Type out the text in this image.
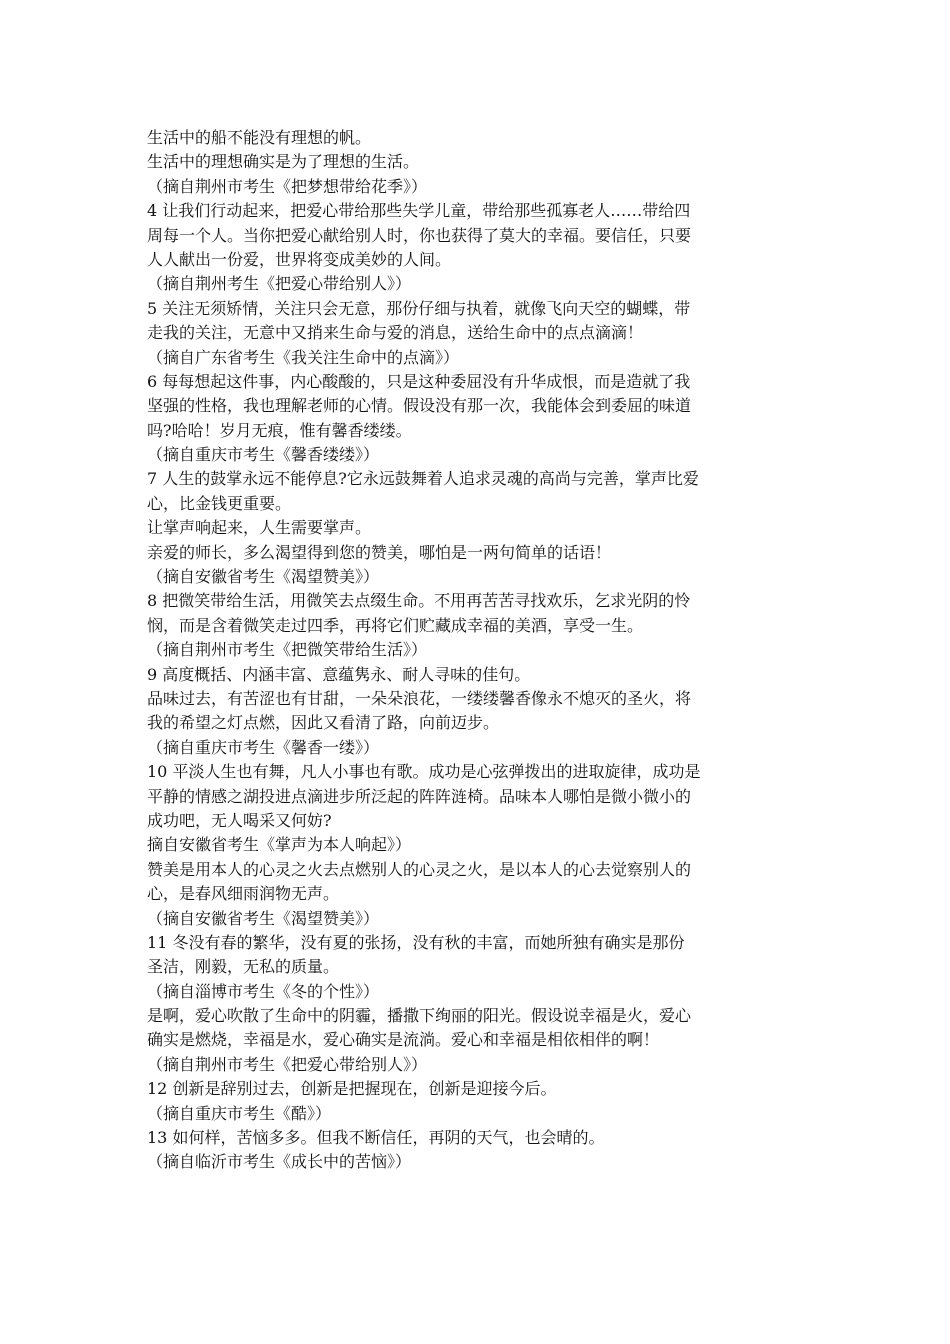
生活中的船不能没有理想的帆。
生活中的理想确实是为了理想的生活。
（摘自荆州市考生《把梦想带给花季》）
4 让我们行动起来，把爱心带给那些失学儿童，带给那些孤寡老人……带给四
周每一个人。当你把爱心献给别人时，你也获得了莫大的幸福。要信任，只要
人人献出一份爱，世界将变成美妙的人间。
（摘自荆州考生《把爱心带给别人》）
5 关注无须矫情，关注只会无意，那份仔细与执着，就像飞向天空的蝴蝶，带
走我的关注，无意中又捎来生命与爱的消息，送给生命中的点点滴滴！
（摘自广东省考生《我关注生命中的点滴》）
6 每每想起这件事，内心酸酸的，只是这种委屈没有升华成恨，而是造就了我
坚强的性格，我也理解老师的心情。假设没有那一次，我能体会到委屈的味道
吗?哈哈！岁月无痕，惟有馨香缕缕。
（摘自重庆市考生《馨香缕缕》）
7 人生的鼓掌永远不能停息?它永远鼓舞着人追求灵魂的高尚与完善，掌声比爱
心，比金钱更重要。
让掌声响起来，人生需要掌声。
亲爱的师长，多么渴望得到您的赞美，哪怕是一两句简单的话语！
（摘自安徽省考生《渴望赞美》）
8 把微笑带给生活，用微笑去点缀生命。不用再苦苦寻找欢乐，乞求光阴的怜
悯，而是含着微笑走过四季，再将它们贮藏成幸福的美酒，享受一生。
（摘自荆州市考生《把微笑带给生活》）
9 高度概括、内涵丰富、意蕴隽永、耐人寻味的佳句。
品味过去，有苦涩也有甘甜，一朵朵浪花，一缕缕馨香像永不熄灭的圣火，将
我的希望之灯点燃，因此又看清了路，向前迈步。
（摘自重庆市考生《馨香一缕》）
10 平淡人生也有舞，凡人小事也有歌。成功是心弦弹拨出的进取旋律，成功是
平静的情感之湖投进点滴进步所泛起的阵阵涟椅。品味本人哪怕是微小微小的
成功吧，无人喝采又何妨?
摘自安徽省考生《掌声为本人响起》）
赞美是用本人的心灵之火去点燃别人的心灵之火，是以本人的心去觉察别人的
心，是春风细雨润物无声。
（摘自安徽省考生《渴望赞美》）
11 冬没有春的繁华，没有夏的张扬，没有秋的丰富，而她所独有确实是那份
圣洁，刚毅，无私的质量。
（摘自淄博市考生《冬的个性》）
是啊，爱心吹散了生命中的阴霾，播撒下绚丽的阳光。假设说幸福是火，爱心
确实是燃烧，幸福是水，爱心确实是流淌。爱心和幸福是相依相伴的啊！
（摘自荆州市考生《把爱心带给别人》）
12 创新是辞别过去，创新是把握现在，创新是迎接今后。
（摘自重庆市考生《酷》）
13 如何样，苦恼多多。但我不断信任，再阴的天气，也会晴的。
（摘自临沂市考生《成长中的苦恼》）
